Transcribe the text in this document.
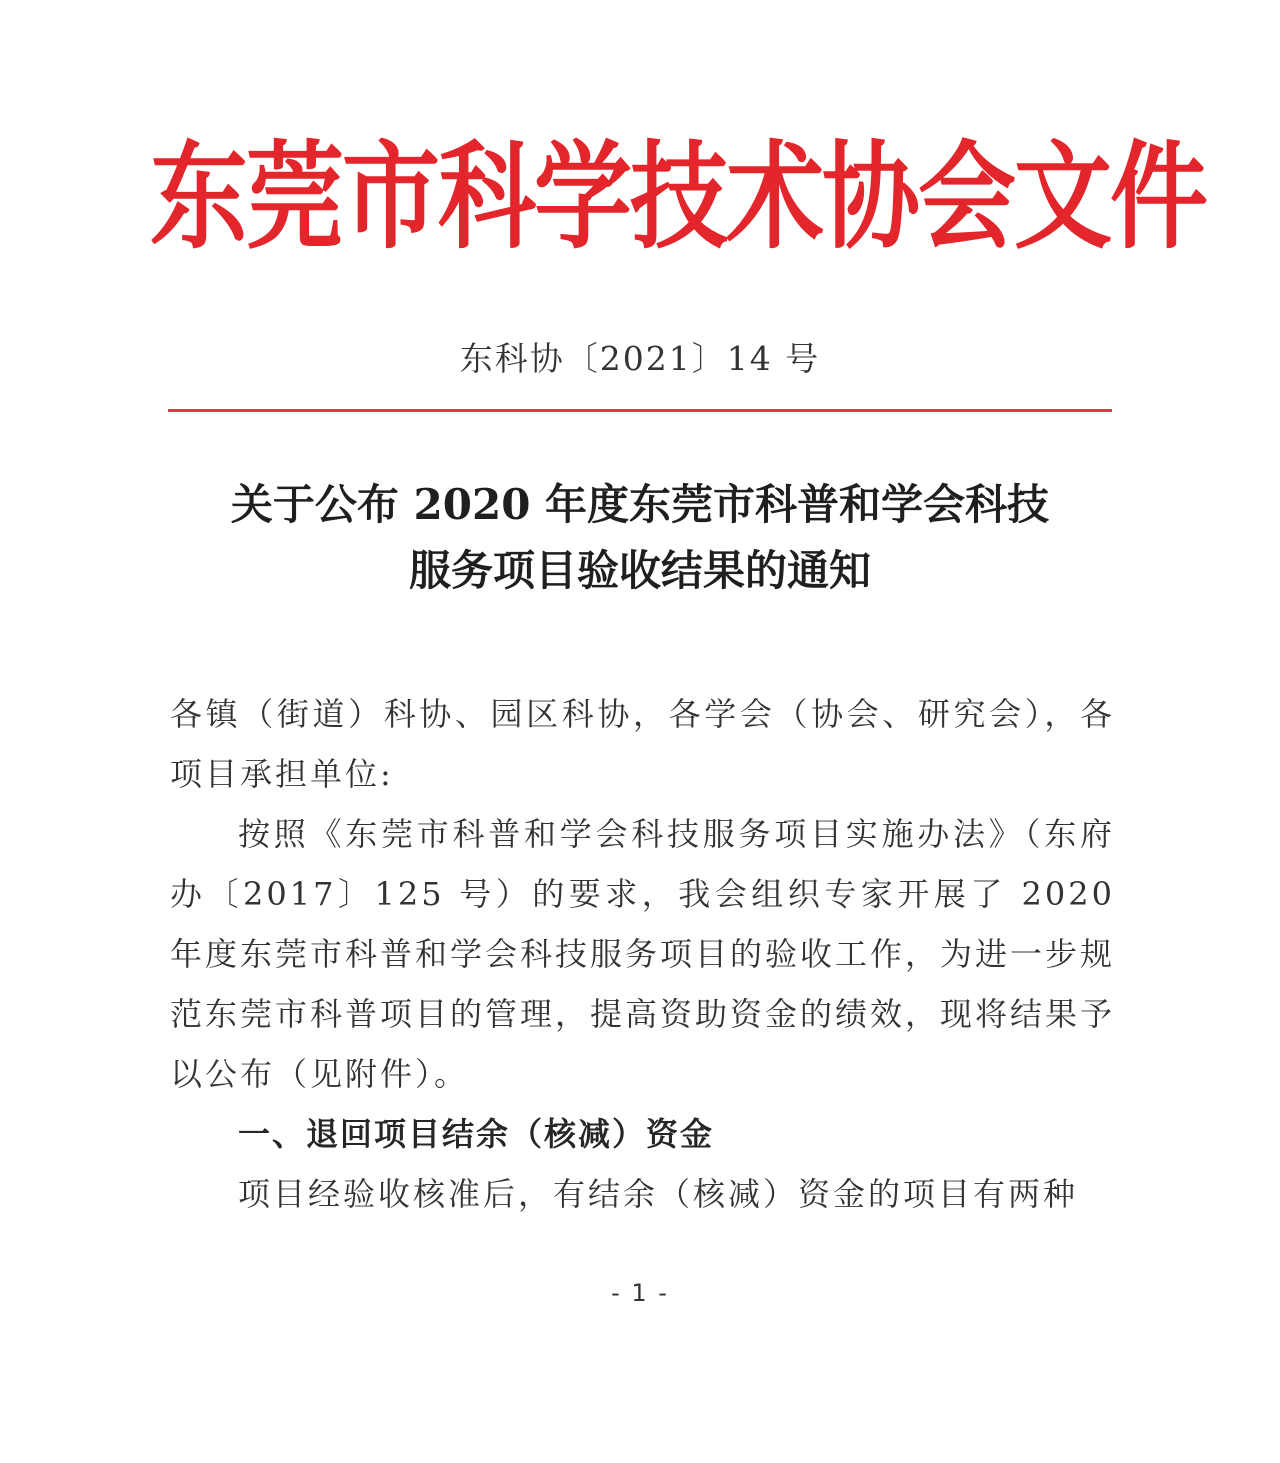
东莞市科学技术协会文件
东科协〔2021〕14 号
关于公布 2020 年度东莞市科普和学会科技
服务项目验收结果的通知

各镇（街道）科协、园区科协，各学会（协会、研究会），各项目承担单位:

按照《东莞市科普和学会科技服务项目实施办法》（东府办〔2017〕125 号）的要求，我会组织专家开展了 2020 年度东莞市科普和学会科技服务项目的验收工作，为进一步规范东莞市科普项目的管理，提高资助资金的绩效，现将结果予以公布（见附件）。

一、退回项目结余（核减）资金

项目经验收核准后，有结余（核减）资金的项目有两种

- 1 -
